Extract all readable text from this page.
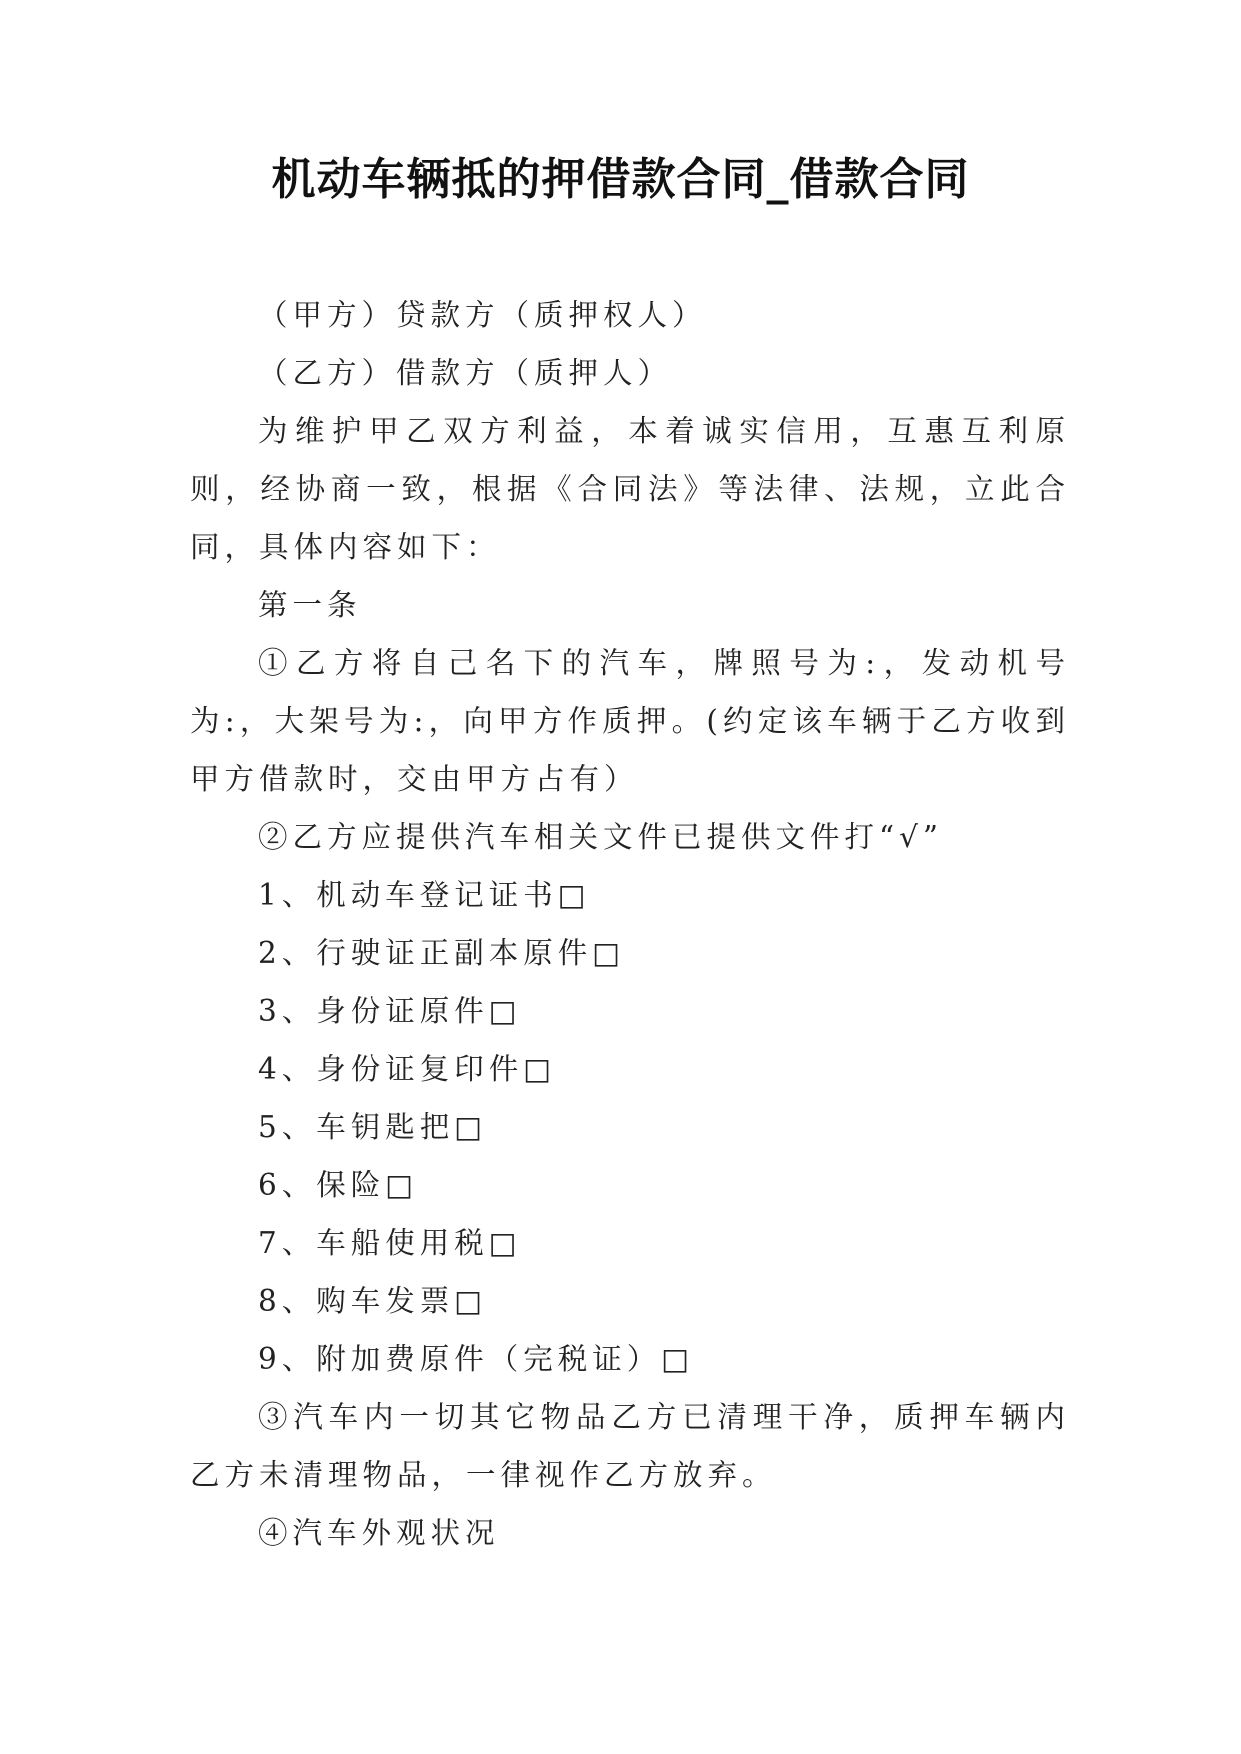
机动车辆抵的押借款合同_借款合同

（甲方）贷款方（质押权人）

（乙方）借款方（质押人）

为维护甲乙双方利益，本着诚实信用，互惠互利原则，经协商一致，根据《合同法》等法律、法规，立此合同，具体内容如下：

第一条

①乙方将自己名下的汽车，牌照号为:，发动机号为:，大架号为:，向甲方作质押。(约定该车辆于乙方收到甲方借款时，交由甲方占有）

②乙方应提供汽车相关文件已提供文件打“√”

1、机动车登记证书□

2、行驶证正副本原件□

3、身份证原件□

4、身份证复印件□

5、车钥匙把□

6、保险□

7、车船使用税□

8、购车发票□

9、附加费原件（完税证）□

③汽车内一切其它物品乙方已清理干净，质押车辆内乙方未清理物品，一律视作乙方放弃。

④汽车外观状况
